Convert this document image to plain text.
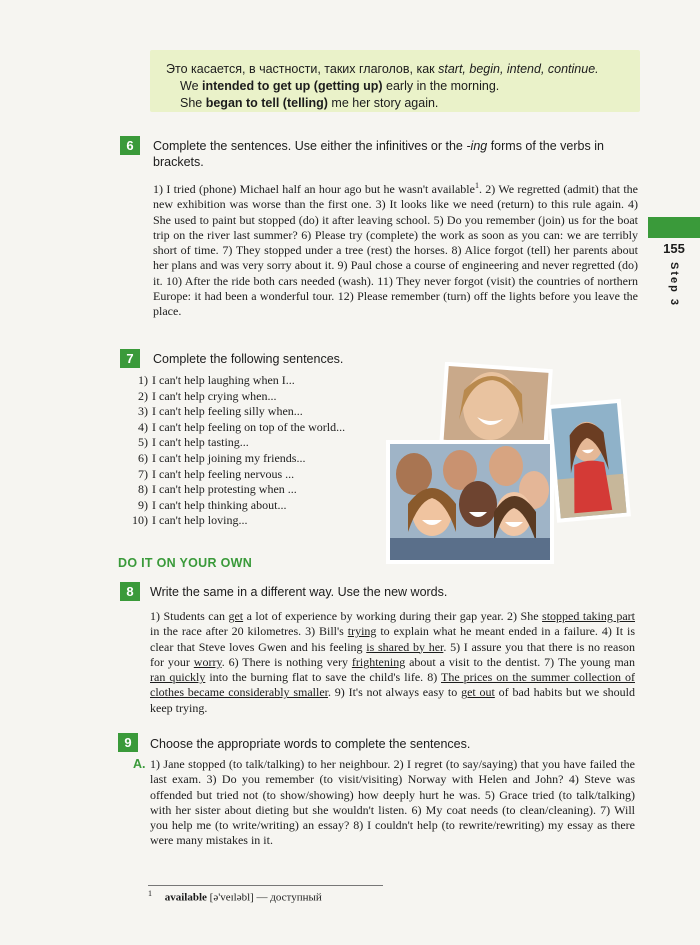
Это касается, в частности, таких глаголов, как start, begin, intend, continue.
We intended to get up (getting up) early in the morning.
She began to tell (telling) me her story again.
155
Step 3
6	Complete the sentences. Use either the infinitives or the -ing forms of the verbs in brackets.
1) I tried (phone) Michael half an hour ago but he wasn't available$^1$. 2) We regretted (admit) that the new exhibition was worse than the first one. 3) It looks like we need (return) to this rule again. 4) She used to paint but stopped (do) it after leaving school. 5) Do you remember (join) us for the boat trip on the river last summer? 6) Please try (complete) the work as soon as you can: we are terribly short of time. 7) They stopped under a tree (rest) the horses. 8) Alice forgot (tell) her parents about her plans and was very sorry about it. 9) Paul chose a course of engineering and never regretted (do) it. 10) After the ride both cars needed (wash). 11) They never forgot (visit) the countries of northern Europe: it had been a wonderful tour. 12) Please remember (turn) off the lights before you leave the place.
7	Complete the following sentences.
1) I can't help laughing when I...
2) I can't help crying when...
3) I can't help feeling silly when...
4) I can't help feeling on top of the world...
5) I can't help tasting...
6) I can't help joining my friends...
7) I can't help feeling nervous ...
8) I can't help protesting when ...
9) I can't help thinking about...
10) I can't help loving...
DO IT ON YOUR OWN
8	Write the same in a different way. Use the new words.
1) Students can get a lot of experience by working during their gap year. 2) She stopped taking part in the race after 20 kilometres. 3) Bill's trying to explain what he meant ended in a failure. 4) It is clear that Steve loves Gwen and his feeling is shared by her. 5) I assure you that there is no reason for your worry. 6) There is nothing very frightening about a visit to the dentist. 7) The young man ran quickly into the burning flat to save the child's life. 8) The prices on the summer collection of clothes became considerably smaller. 9) It's not always easy to get out of bad habits but we should keep trying.
9	Choose the appropriate words to complete the sentences.
A. 1) Jane stopped (to talk/talking) to her neighbour. 2) I regret (to say/saying) that you have failed the last exam. 3) Do you remember (to visit/visiting) Norway with Helen and John? 4) Steve was offended but tried not (to show/showing) how deeply hurt he was. 5) Grace tried (to talk/talking) with her sister about dieting but she wouldn't listen. 6) My coat needs (to clean/cleaning). 7) Will you help me (to write/writing) an essay? 8) I couldn't help (to rewrite/rewriting) my essay as there were many mistakes in it.
$^1$ available [ə'veɪləbl] — доступный
